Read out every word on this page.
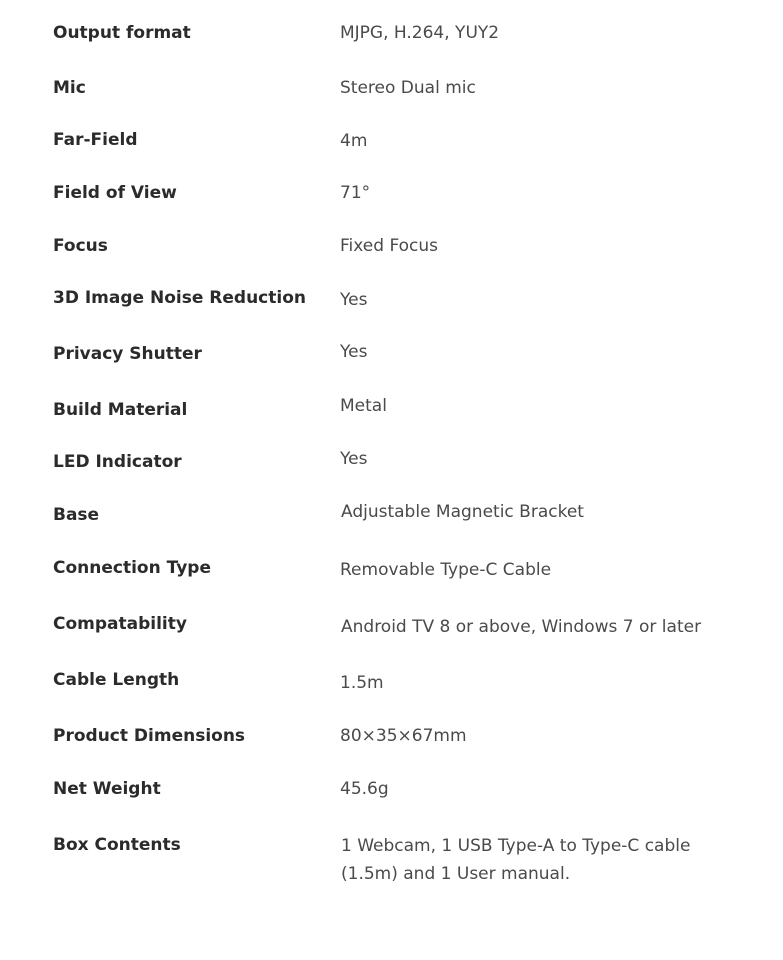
Output format	MJPG, H.264, YUY2
Mic	Stereo Dual mic
Far-Field	4m
Field of View	71°
Focus	Fixed Focus
3D Image Noise Reduction	Yes
Privacy Shutter	Yes
Build Material	Metal
LED Indicator	Yes
Base	Adjustable Magnetic Bracket
Connection Type	Removable Type-C Cable
Compatability	Android TV 8 or above, Windows 7 or later
Cable Length	1.5m
Product Dimensions	80×35×67mm
Net Weight	45.6g
Box Contents	1 Webcam, 1 USB Type-A to Type-C cable (1.5m) and 1 User manual.
